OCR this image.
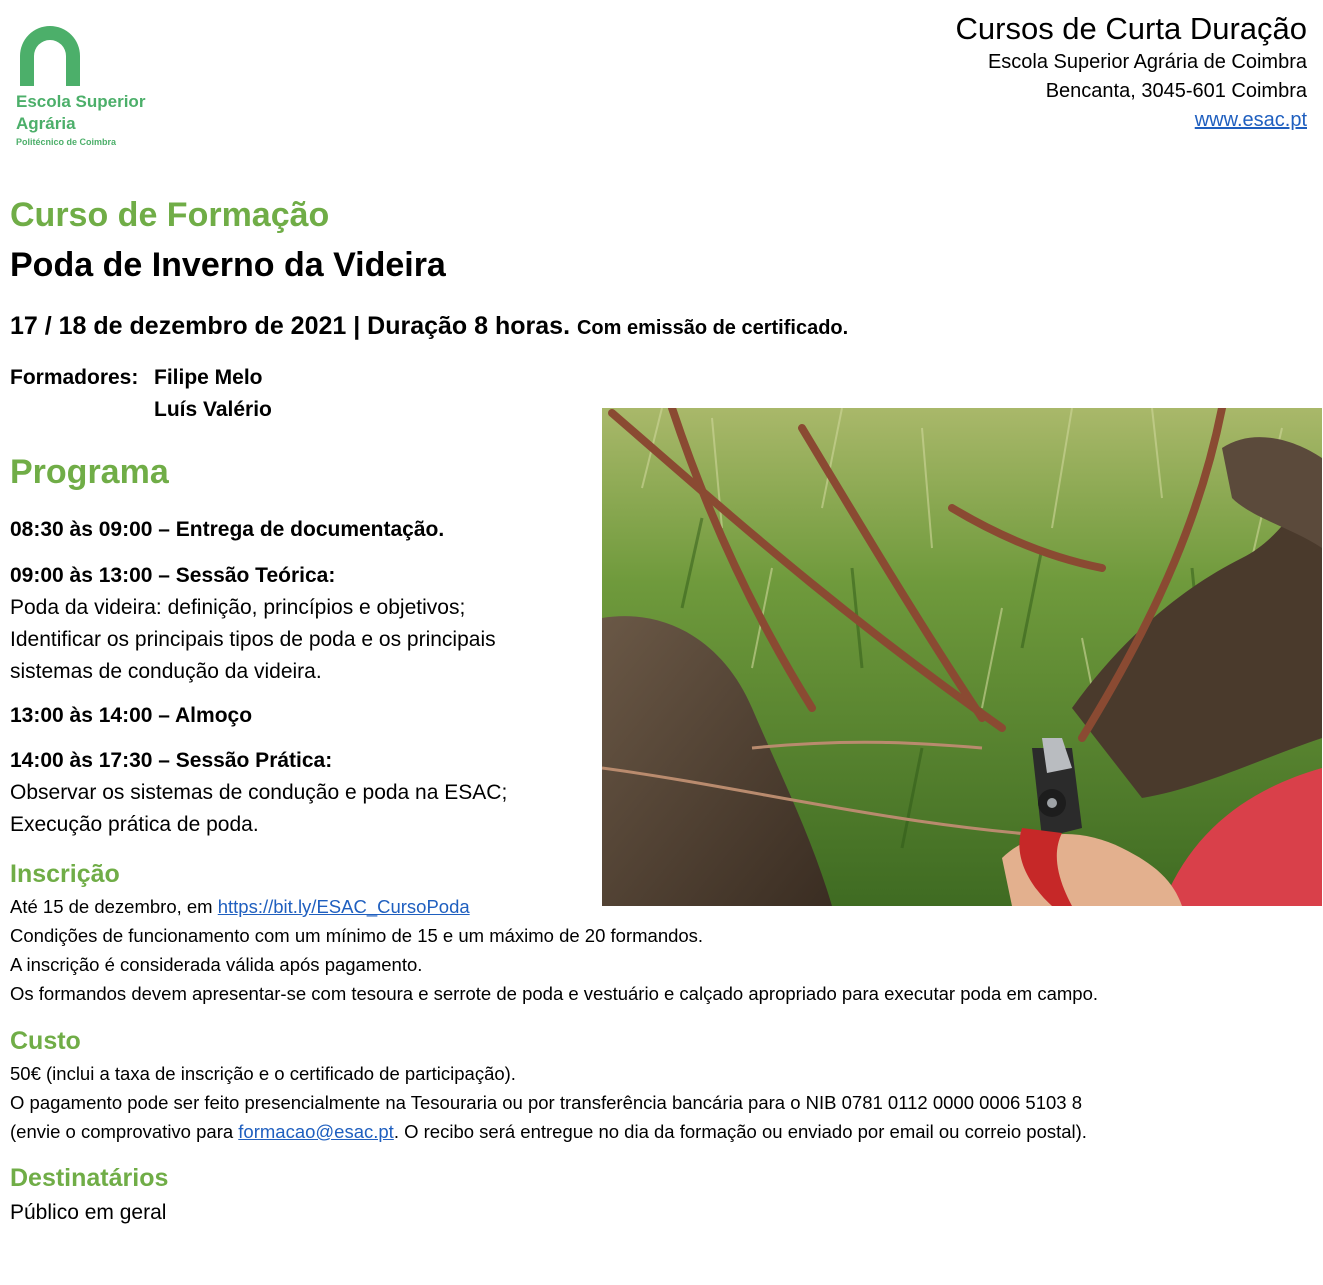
Escola Superior
Agrária
Politécnico de Coimbra
Cursos de Curta Duração
Escola Superior Agrária de Coimbra
Bencanta, 3045-601 Coimbra
www.esac.pt
Curso de Formação
Poda de Inverno da Videira
17 / 18 de dezembro de 2021 | Duração 8 horas. Com emissão de certificado.
Formadores: Filipe Melo
Luís Valério
Programa
08:30 às 09:00 – Entrega de documentação.
09:00 às 13:00 – Sessão Teórica:
Poda da videira: definição, princípios e objetivos;
Identificar os principais tipos de poda e os principais
sistemas de condução da videira.
13:00 às 14:00 – Almoço
14:00 às 17:30 – Sessão Prática:
Observar os sistemas de condução e poda na ESAC;
Execução prática de poda.
Inscrição
Até 15 de dezembro, em https://bit.ly/ESAC_CursoPoda
Condições de funcionamento com um mínimo de 15 e um máximo de 20 formandos.
A inscrição é considerada válida após pagamento.
Os formandos devem apresentar-se com tesoura e serrote de poda e vestuário e calçado apropriado para executar poda em campo.
Custo
50€ (inclui a taxa de inscrição e o certificado de participação).
O pagamento pode ser feito presencialmente na Tesouraria ou por transferência bancária para o NIB 0781 0112 0000 0006 5103 8
(envie o comprovativo para formacao@esac.pt. O recibo será entregue no dia da formação ou enviado por email ou correio postal).
Destinatários
Público em geral
